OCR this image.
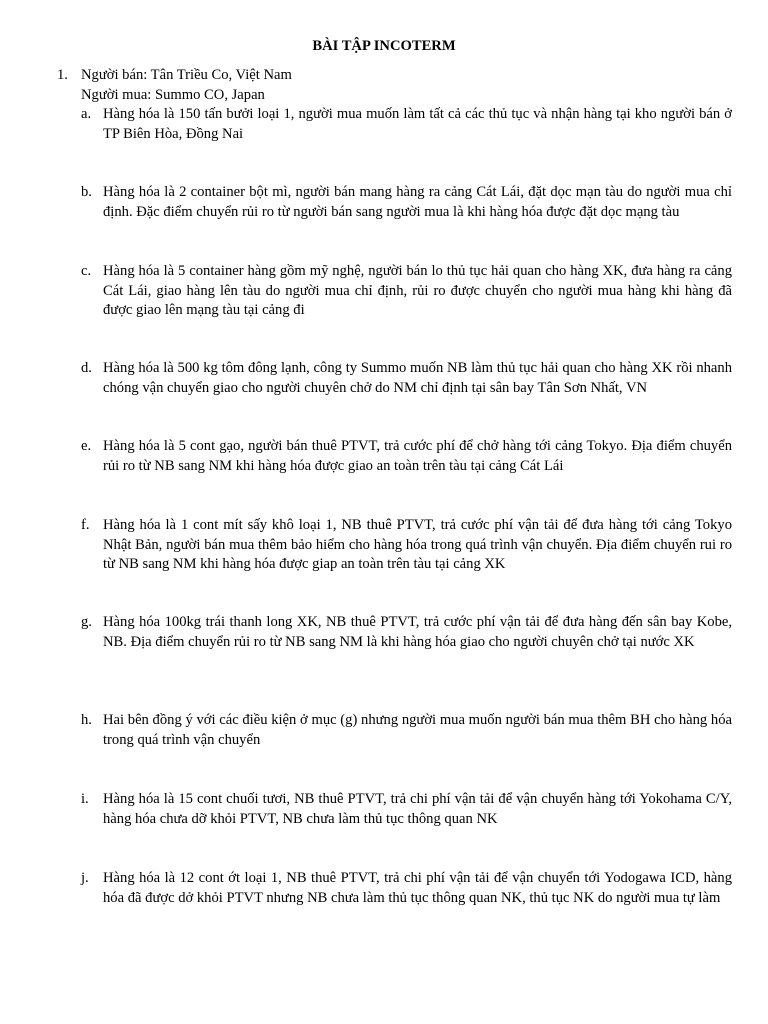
BÀI TẬP INCOTERM
1. Người bán: Tân Triều Co, Việt Nam
Người mua: Summo CO, Japan
a. Hàng hóa là 150 tấn bưởi loại 1, người mua muốn làm tất cả các thủ tục và nhận hàng tại kho người bán ở TP Biên Hòa, Đồng Nai
b. Hàng hóa là 2 container bột mì, người bán mang hàng ra cảng Cát Lái, đặt dọc mạn tàu do người mua chỉ định. Đặc điểm chuyển rủi ro từ người bán sang người mua là khi hàng hóa được đặt dọc mạng tàu
c. Hàng hóa là 5 container hàng gồm mỹ nghệ, người bán lo thủ tục hải quan cho hàng XK, đưa hàng ra cảng Cát Lái, giao hàng lên tàu do người mua chỉ định, rủi ro được chuyển cho người mua hàng khi hàng đã được giao lên mạng tàu tại cảng đi
d. Hàng hóa là 500 kg tôm đông lạnh, công ty Summo muốn NB làm thủ tục hải quan cho hàng XK rồi nhanh chóng vận chuyển giao cho người chuyên chở do NM chỉ định tại sân bay Tân Sơn Nhất, VN
e. Hàng hóa là 5 cont gạo, người bán thuê PTVT, trả cước phí để chở hàng tới cảng Tokyo. Địa điểm chuyển rủi ro từ NB sang NM khi hàng hóa được giao an toàn trên tàu tại cảng Cát Lái
f. Hàng hóa là 1 cont mít sấy khô loại 1, NB thuê PTVT, trả cước phí vận tải để đưa hàng tới cảng Tokyo Nhật Bản, người bán mua thêm bảo hiểm cho hàng hóa trong quá trình vận chuyển. Địa điểm chuyển rui ro từ NB sang NM khi hàng hóa được giap an toàn trên tàu tại cảng XK
g. Hàng hóa 100kg trái thanh long XK, NB thuê PTVT, trả cước phí vận tải để đưa hàng đến sân bay Kobe, NB. Địa điểm chuyển rủi ro từ NB sang NM là khi hàng hóa giao cho người chuyên chở tại nước XK
h. Hai bên đồng ý với các điều kiện ở mục (g) nhưng người mua muốn người bán mua thêm BH cho hàng hóa trong quá trình vận chuyển
i. Hàng hóa là 15 cont chuối tươi, NB thuê PTVT, trả chi phí vận tải để vận chuyển hàng tới Yokohama C/Y, hàng hóa chưa dỡ khỏi PTVT, NB chưa làm thủ tục thông quan NK
j. Hàng hóa là 12 cont ớt loại 1, NB thuê PTVT, trả chi phí vận tải để vận chuyển tới Yodogawa ICD, hàng hóa đã được dở khỏi PTVT nhưng NB chưa làm thủ tục thông quan NK, thủ tục NK do người mua tự làm
